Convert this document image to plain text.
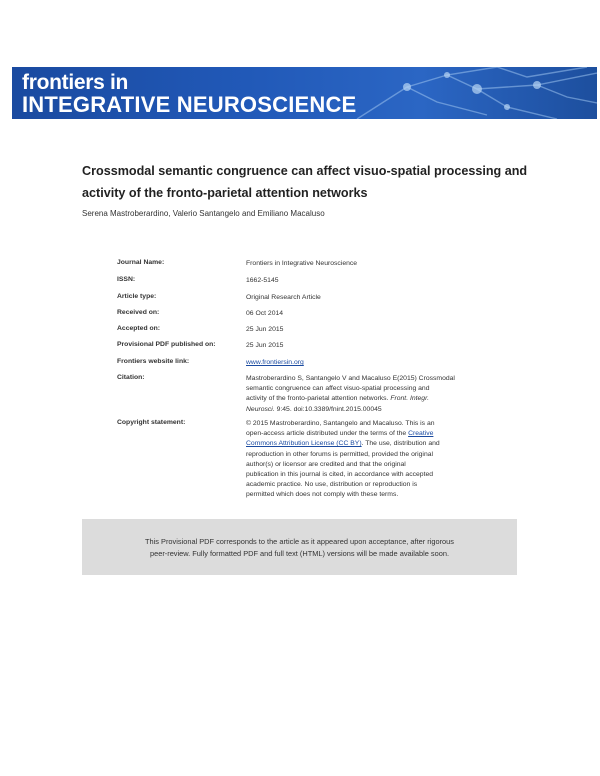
frontiers in
INTEGRATIVE NEUROSCIENCE
Crossmodal semantic congruence can affect visuo-spatial processing and
activity of the fronto-parietal attention networks
Serena Mastroberardino, Valerio Santangelo and Emiliano Macaluso
Journal Name:	Frontiers in Integrative Neuroscience
ISSN:	1662-5145
Article type:	Original Research Article
Received on:	06 Oct 2014
Accepted on:	25 Jun 2015
Provisional PDF published on:	25 Jun 2015
Frontiers website link:	www.frontiersin.org
Citation:	Mastroberardino S, Santangelo V and Macaluso E(2015) Crossmodal
semantic congruence can affect visuo-spatial processing and
activity of the fronto-parietal attention networks. Front. Integr.
Neurosci. 9:45. doi:10.3389/fnint.2015.00045
Copyright statement:	© 2015 Mastroberardino, Santangelo and Macaluso. This is an
open-access article distributed under the terms of the Creative
Commons Attribution License (CC BY). The use, distribution and
reproduction in other forums is permitted, provided the original
author(s) or licensor are credited and that the original
publication in this journal is cited, in accordance with accepted
academic practice. No use, distribution or reproduction is
permitted which does not comply with these terms.
This Provisional PDF corresponds to the article as it appeared upon acceptance, after rigorous
peer-review. Fully formatted PDF and full text (HTML) versions will be made available soon.
